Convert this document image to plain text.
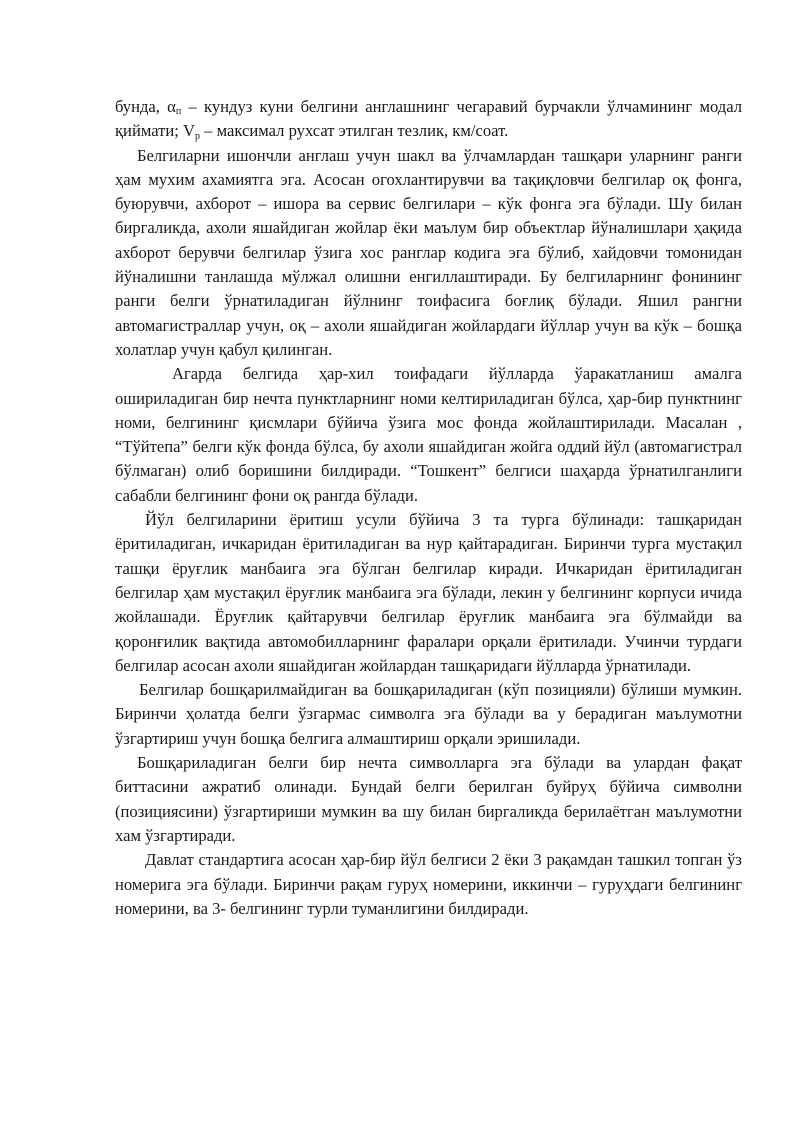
бунда, $\alpha_п$ – кундуз куни белгини англашнинг чегаравий бурчакли ўлчамининг модал қиймати; $V_р$ – максимал рухсат этилган тезлик, км/соат.

Белгиларни ишончли англаш учун шакл ва ўлчамлардан ташқари уларнинг ранги ҳам мухим ахамиятга эга. Асосан огохлантирувчи ва тақиқловчи белгилар оқ фонга, буюрувчи, ахборот – ишора ва сервис белгилари – кўк фонга эга бўлади. Шу билан биргаликда, ахоли яшайдиган жойлар ёки маълум бир объектлар йўналишлари ҳақида ахборот берувчи белгилар ўзига хос ранглар кодига эга бўлиб, хайдовчи томонидан йўналишни танлашда мўлжал олишни енгиллаштиради. Бу белгиларнинг фонининг ранги белги ўрнатиладиган йўлнинг тоифасига боғлиқ бўлади. Яшил рангни автомагистраллар учун, оқ – ахоли яшайдиган жойлардаги йўллар учун ва кўк – бошқа холатлар учун қабул қилинган.

Агарда белгида ҳар-хил тоифадаги йўлларда ўаракатланиш амалга ошириладиган бир нечта пунктларнинг номи келтириладиган бўлса, ҳар-бир пунктнинг номи, белгининг қисмлари бўйича ўзига мос фонда жойлаштирилади. Масалан , “Тўйтепа” белги кўк фонда бўлса, бу ахоли яшайдиган жойга оддий йўл (автомагистрал бўлмаган) олиб боришини билдиради. “Тошкент” белгиси шаҳарда ўрнатилганлиги сабабли белгининг фони оқ рангда бўлади.

Йўл белгиларини ёритиш усули бўйича 3 та турга бўлинади: ташқаридан ёритиладиган, ичкаридан ёритиладиган ва нур қайтарадиган. Биринчи турга мустақил ташқи ёруғлик манбаига эга бўлган белгилар киради. Ичкаридан ёритиладиган белгилар ҳам мустақил ёруғлик манбаига эга бўлади, лекин у белгининг корпуси ичида жойлашади. Ёруғлик қайтарувчи белгилар ёруғлик манбаига эга бўлмайди ва қоронғилик вақтида автомобилларнинг фаралари орқали ёритилади. Учинчи турдаги белгилар асосан ахоли яшайдиган жойлардан ташқаридаги йўлларда ўрнатилади.

Белгилар бошқарилмайдиган ва бошқариладиган (кўп позицияли) бўлиши мумкин. Биринчи ҳолатда белги ўзгармас символга эга бўлади ва у берадиган маълумотни ўзгартириш учун бошқа белгига алмаштириш орқали эришилади.

Бошқариладиган белги бир нечта символларга эга бўлади ва улардан фақат биттасини ажратиб олинади. Бундай белги берилган буйруҳ бўйича символни (позициясини) ўзгартириши мумкин ва шу билан биргаликда берилаётган маълумотни хам ўзгартиради.

Давлат стандартига асосан ҳар-бир йўл белгиси 2 ёки 3 рақамдан ташкил топган ўз номерига эга бўлади. Биринчи рақам гуруҳ номерини, иккинчи – гуруҳдаги белгининг номерини, ва 3- белгининг турли туманлигини билдиради.
